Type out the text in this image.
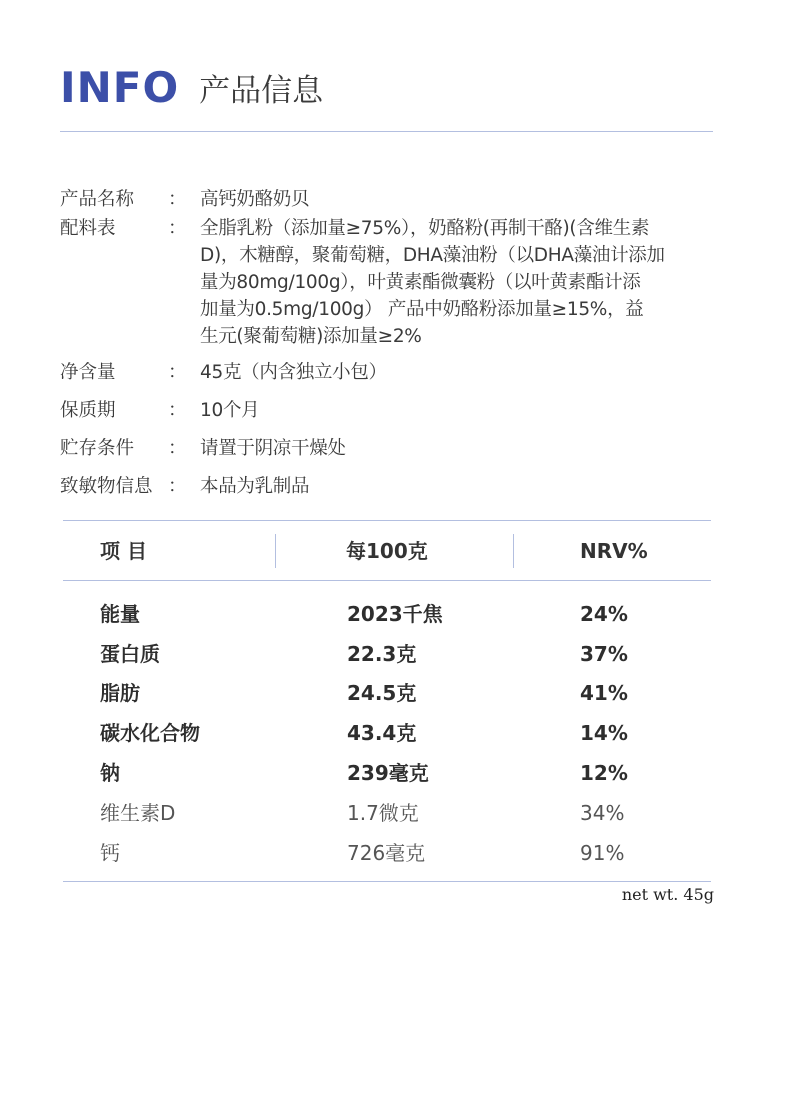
INFO 产品信息
产品名称	： 高钙奶酪奶贝
配料表	： 全脂乳粉（添加量≥75%），奶酪粉(再制干酪)(含维生素
D)，木糖醇，聚葡萄糖，DHA藻油粉（以DHA藻油计添加
量为80mg/100g），叶黄素酯微囊粉（以叶黄素酯计添
加量为0.5mg/100g） 产品中奶酪粉添加量≥15%，益
生元(聚葡萄糖)添加量≥2%
净含量	： 45克（内含独立小包）
保质期	： 10个月
贮存条件	： 请置于阴凉干燥处
致敏物信息 ： 本品为乳制品
项 目	每100克	NRV%
能量	2023千焦	24%
蛋白质	22.3克	37%
脂肪	24.5克	41%
碳水化合物	43.4克	14%
钠	239毫克	12%
维生素D	1.7微克	34%
钙	726毫克	91%
net wt. 45g
